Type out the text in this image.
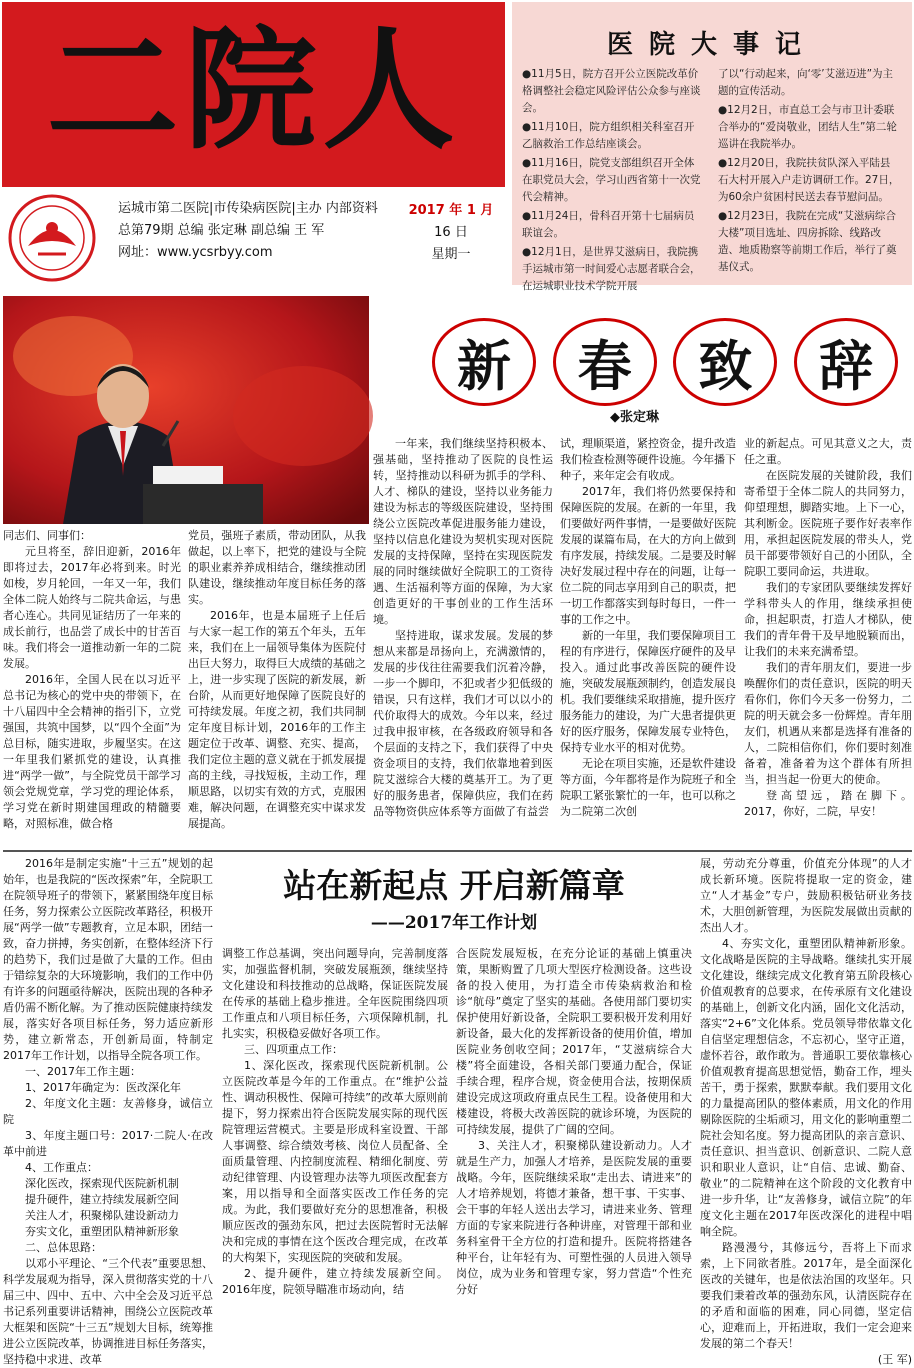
二院人
运城市第二医院|市传染病医院|主办 内部资料
总第79期 总编 张定琳 副总编 王 军
网址：www.ycsrbyy.com
2017 年 1 月
16 日
星期一
医院大事记

●11月5日，院方召开公立医院改革价格调整社会稳定风险评估公众参与座谈会。

●11月10日，院方组织相关科室召开乙脑救治工作总结座谈会。

●11月16日，院党支部组织召开全体在职党员大会，学习山西省第十一次党代会精神。

●11月24日，骨科召开第十七届病员联谊会。

●12月1日，是世界艾滋病日，我院携手运城市第一时间爱心志愿者联合会，在运城职业技术学院开展

了以“行动起来，向‘零’艾滋迈进”为主题的宣传活动。

●12月2日，市直总工会与市卫计委联合举办的“爱岗敬业，团结人生”第二轮巡讲在我院举办。

●12月20日，我院扶贫队深入平陆县石大村开展入户走访调研工作。27日，为60余户贫困村民送去春节慰问品。

●12月23日，我院在完成“艾滋病综合大楼”项目选址、四房拆除、线路改造、地质勘察等前期工作后，举行了奠基仪式。

新	春	致	辞
◆张定琳

同志们、同事们：

元旦将至，辞旧迎新，2016年即将过去，2017年必将到来。时光如梭，岁月轮回，一年又一年，我们全体二院人始终与二院共命运，与患者心连心。共同见证结历了一年来的成长前行，也品尝了成长中的甘苦百味。我们将会一道推动新一年的二院发展。

2016年，全国人民在以习近平总书记为核心的党中央的带领下，在十八届四中全会精神的指引下，立党强国，共筑中国梦，以“四个全面”为总目标，随实进取，步履坚实。在这一年里我们紧抓党的建设，认真推进“两学一做”，与全院党员干部学习领会党规党章，学习党的理论体系，学习党在新时期建国理政的精髓要略，对照标准，做合格

党员，强班子素质，带动团队，从我做起，以上率下，把党的建设与全院的职业素养养成相结合，继续推动团队建设，继续推动年度目标任务的落实。

2016年，也是本届班子上任后与大家一起工作的第五个年头，五年来，我们在上一届领导集体为医院付出巨大努力，取得巨大成绩的基础之上，进一步实现了医院的新发展，新台阶，从而更好地保障了医院良好的可持续发展。年度之初，我们共同制定年度目标计划，2016年的工作主题定位于改革、调整、充实、提高，我们定位主题的意义就在于抓发展提高的主线，寻找短板，主动工作，理顺思路，以切实有效的方式，克服困难，解决问题，在调整充实中谋求发展提高。

一年来，我们继续坚持积极本、强基础，坚持推动了医院的良性运转，坚持推动以科研为抓手的学科、人才、梯队的建设，坚持以业务能力建设为标志的等级医院建设，坚持围绕公立医院改革促进服务能力建设，坚持以信息化建设为契机实现对医院发展的支持保障，坚持在实现医院发展的同时继续做好全院职工的工资待遇、生活福利等方面的保障，为大家创造更好的干事创业的工作生活环境。

坚持进取，谋求发展。发展的梦想从来都是昂扬向上，充满激情的，发展的步伐往往需要我们沉着冷静，一步一个脚印，不犯或者少犯低级的错误，只有这样，我们才可以以小的代价取得大的成效。今年以来，经过过我申报审核，在各级政府领导和各个层面的支持之下，我们获得了中央资金项目的支持，我们依靠地着到医院艾滋综合大楼的奠基开工。为了更好的服务患者，保障供应，我们在药品等物资供应体系等方面做了有益尝

试，理顺渠道，紧控资金，提升改造我们检查检测等硬件设施。今年播下种子，来年定会有收成。

2017年，我们将仍然要保持和保障医院的发展。在新的一年里，我们要做好两件事情，一是要做好医院发展的谋篇布局，在大的方向上做到有序发展，持续发展。二是要及时解决好发展过程中存在的问题，让每一位二院的同志享用到自己的职责，把一切工作都落实到每时每日，一件一事的工作之中。

新的一年里，我们要保障项目工程的有序进行，保障医疗硬件的及早投入。通过此事改善医院的硬件设施，突破发展瓶颈制约，创造发展良机。我们要继续采取措施，提升医疗服务能力的建设，为广大患者提供更好的医疗服务，保障发展专业特色，保持专业水平的相对优势。

无论在项目实施，还是软件建设等方面，今年都将是作为院班子和全院职工紧张繁忙的一年，也可以称之为二院第二次创

业的新起点。可见其意义之大，责任之重。

在医院发展的关键阶段，我们寄希望于全体二院人的共同努力，仰望理想，脚踏实地。上下一心，其利断金。医院班子要作好表率作用，承担起医院发展的带头人，党员干部要带领好自己的小团队，全院职工要同命运，共进取。

我们的专家团队要继续发挥好学科带头人的作用，继续承担使命，担起职责，打造人才梯队，使我们的青年骨干及早地脱颖而出，让我们的未来充满希望。

我们的青年朋友们，要进一步唤醒你们的责任意识，医院的明天看你们，你们今天多一份努力，二院的明天就会多一份辉煌。青年朋友们，机遇从来都是选择有准备的人，二院相信你们，你们要时刻准备着，准备着为这个群体有所担当，担当起一份更大的使命。

登高望远，踏在脚下。2017，你好，二院，早安！

站在新起点 开启新篇章
——2017年工作计划

2016年是制定实施“十三五”规划的起始年，也是我院的“医改探索”年，全院职工在院领导班子的带领下，紧紧围绕年度目标任务，努力探索公立医院改革路径，积极开展“两学一做”专题教育，立足本职，团结一致，奋力拼搏，务实创新，在整体经济下行的趋势下，我们过是做了大量的工作。但由于错综复杂的大环境影响，我们的工作中仍有许多的问题亟待解决，医院出现的各种矛盾仍需不断化解。为了推动医院健康持续发展，落实好各项目标任务，努力适应新形势，建立新常态，开创新局面，特制定2017年工作计划，以指导全院各项工作。

一、2017年工作主题：

1、2017年确定为：医改深化年

2、年度文化主题：友善修身，诚信立院

3、年度主题口号：2017·二院人·在改革中前进

4、工作重点：

深化医改，探索现代医院新机制

提升硬件，建立持续发展新空间

关注人才，积聚梯队建设新动力

夯实文化，重塑团队精神新形象

二、总体思路：

以邓小平理论、“三个代表”重要思想、科学发展观为指导，深入贯彻落实党的十八届三中、四中、五中、六中全会及习近平总书记系列重要讲话精神，围绕公立医院改革大框架和医院“十三五”规划大目标，统筹推进公立医院改革，协调推进目标任务落实，坚持稳中求进、改革

调整工作总基调，突出问题导向，完善制度落实，加强监督机制，突破发展瓶颈，继续坚持文化建设和科技推动的总战略，保证医院发展在传承的基础上稳步推进。全年医院围绕四项工作重点和八项目标任务，六项保障机制，扎扎实实，积极稳妥做好各项工作。

三、四项重点工作：

1、深化医改，探索现代医院新机制。公立医院改革是今年的工作重点。在“维护公益性、调动积极性、保障可持续”的改革大原则前提下，努力探索出符合医院发展实际的现代医院管理运营模式。主要是形成科室设置、干部人事调整、综合绩效考核、岗位人员配备、全面质量管理、内控制度流程、精细化制度、劳动纪律管理、内设管理办法等九项医改配套方案，用以指导和全面落实医改工作任务的完成。为此，我们要做好充分的思想准备，积极顺应医改的强劲东风，把过去医院暂时无法解决和完成的事情在这个医改合理完成，在改革的大构架下，实现医院的突破和发展。

2、提升硬件，建立持续发展新空间。2016年度，院领导瞄准市场动向，结

合医院发展短板，在充分论证的基础上慎重决策，果断购置了几项大型医疗检测设备。这些设备的投入使用，为打造全市传染病救治和检诊“航母”奠定了坚实的基础。各使用部门要切实保护使用好新设备，全院职工要积极开发利用好新设备，最大化的发挥新设备的使用价值，增加医院业务创收空间；2017年，“艾滋病综合大楼”将全面建设，各相关部门要通力配合，保证手续合理，程序合规，资金使用合法，按期保质建设完成这项政府重点民生工程。设备使用和大楼建设，将极大改善医院的就诊环境，为医院的可持续发展，提供了广阔的空间。

3、关注人才，积聚梯队建设新动力。人才就是生产力，加强人才培养，是医院发展的重要战略。今年，医院继续采取“走出去、请进来”的人才培养规划，将德才兼备，想干事、干实事、会干事的年轻人送出去学习，请进来业务、管理方面的专家来院进行各种讲座，对管理干部和业务科室骨干全方位的打造和提升。医院将搭建各种平台，让年轻有为、可塑性强的人员进入领导岗位，成为业务和管理专家，努力营造“个性充分好

展，劳动充分尊重，价值充分体现”的人才成长新环境。医院将提取一定的资金，建立“人才基金”专户，鼓励积极钻研业务技术，大胆创新管理，为医院发展做出贡献的杰出人才。

4、夯实文化，重塑团队精神新形象。文化战略是医院的主导战略。继续扎实开展文化建设，继续完成文化教育第五阶段核心价值观教育的总要求，在传承原有文化建设的基础上，创新文化内涵，固化文化活动，落实“2+6”文化体系。党员领导带依靠文化自信坚定理想信念，不忘初心，坚守正道，虚怀若谷，敢作敢为。普通职工要依靠核心价值观教育提高思想觉悟，勤奋工作，埋头苦干，勇于探索，默默奉献。我们要用文化的力量提高团队的整体素质，用文化的作用剔除医院的尘垢顽习，用文化的影响重塑二院社会知名度。努力提高团队的亲言意识、责任意识、担当意识、创新意识、二院人意识和职业人意识，让“自信、忠诚、勤奋、敬业”的二院精神在这个阶段的文化教育中进一步升华，让“友善修身，诚信立院”的年度文化主题在2017年医改深化的进程中唱响全院。

路漫漫兮，其修远兮，吾将上下而求索，上下同欲者胜。2017年，是全面深化医改的关键年，也是依法治国的攻坚年。只要我们秉着改革的强劲东风，认清医院存在的矛盾和面临的困难，同心同德，坚定信心，迎难而上，开拓进取，我们一定会迎来发展的第二个春天！

(王 军)
